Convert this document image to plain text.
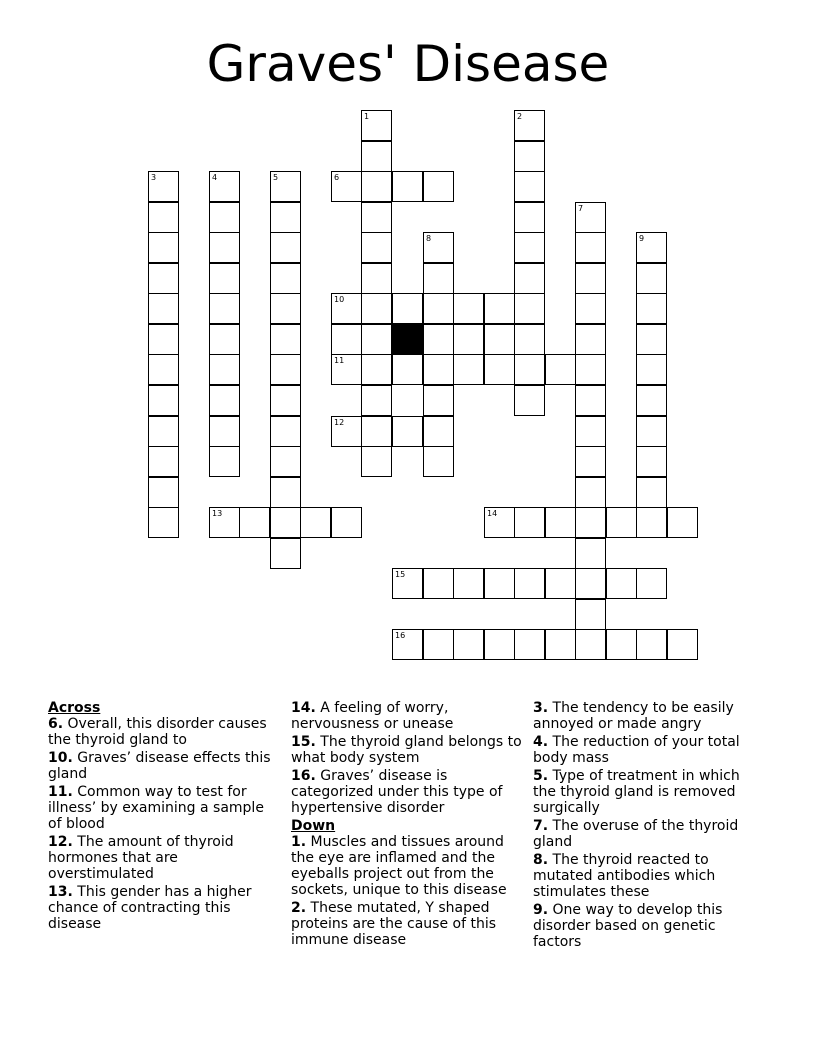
Graves' Disease
1	2
3	4	5	6
7
8	9
10
11
12
13	14
15
16
Across
6. Overall, this disorder causes the thyroid gland to
10. Graves’ disease effects this gland
11. Common way to test for illness’ by examining a sample of blood
12. The amount of thyroid hormones that are overstimulated
13. This gender has a higher chance of contracting this disease
14. A feeling of worry, nervousness or unease
15. The thyroid gland belongs to what body system
16. Graves’ disease is categorized under this type of hypertensive disorder
Down
1. Muscles and tissues around the eye are inflamed and the eyeballs project out from the sockets, unique to this disease
2. These mutated, Y shaped proteins are the cause of this immune disease
3. The tendency to be easily annoyed or made angry
4. The reduction of your total body mass
5. Type of treatment in which the thyroid gland is removed surgically
7. The overuse of the thyroid gland
8. The thyroid reacted to mutated antibodies which stimulates these
9. One way to develop this disorder based on genetic factors
